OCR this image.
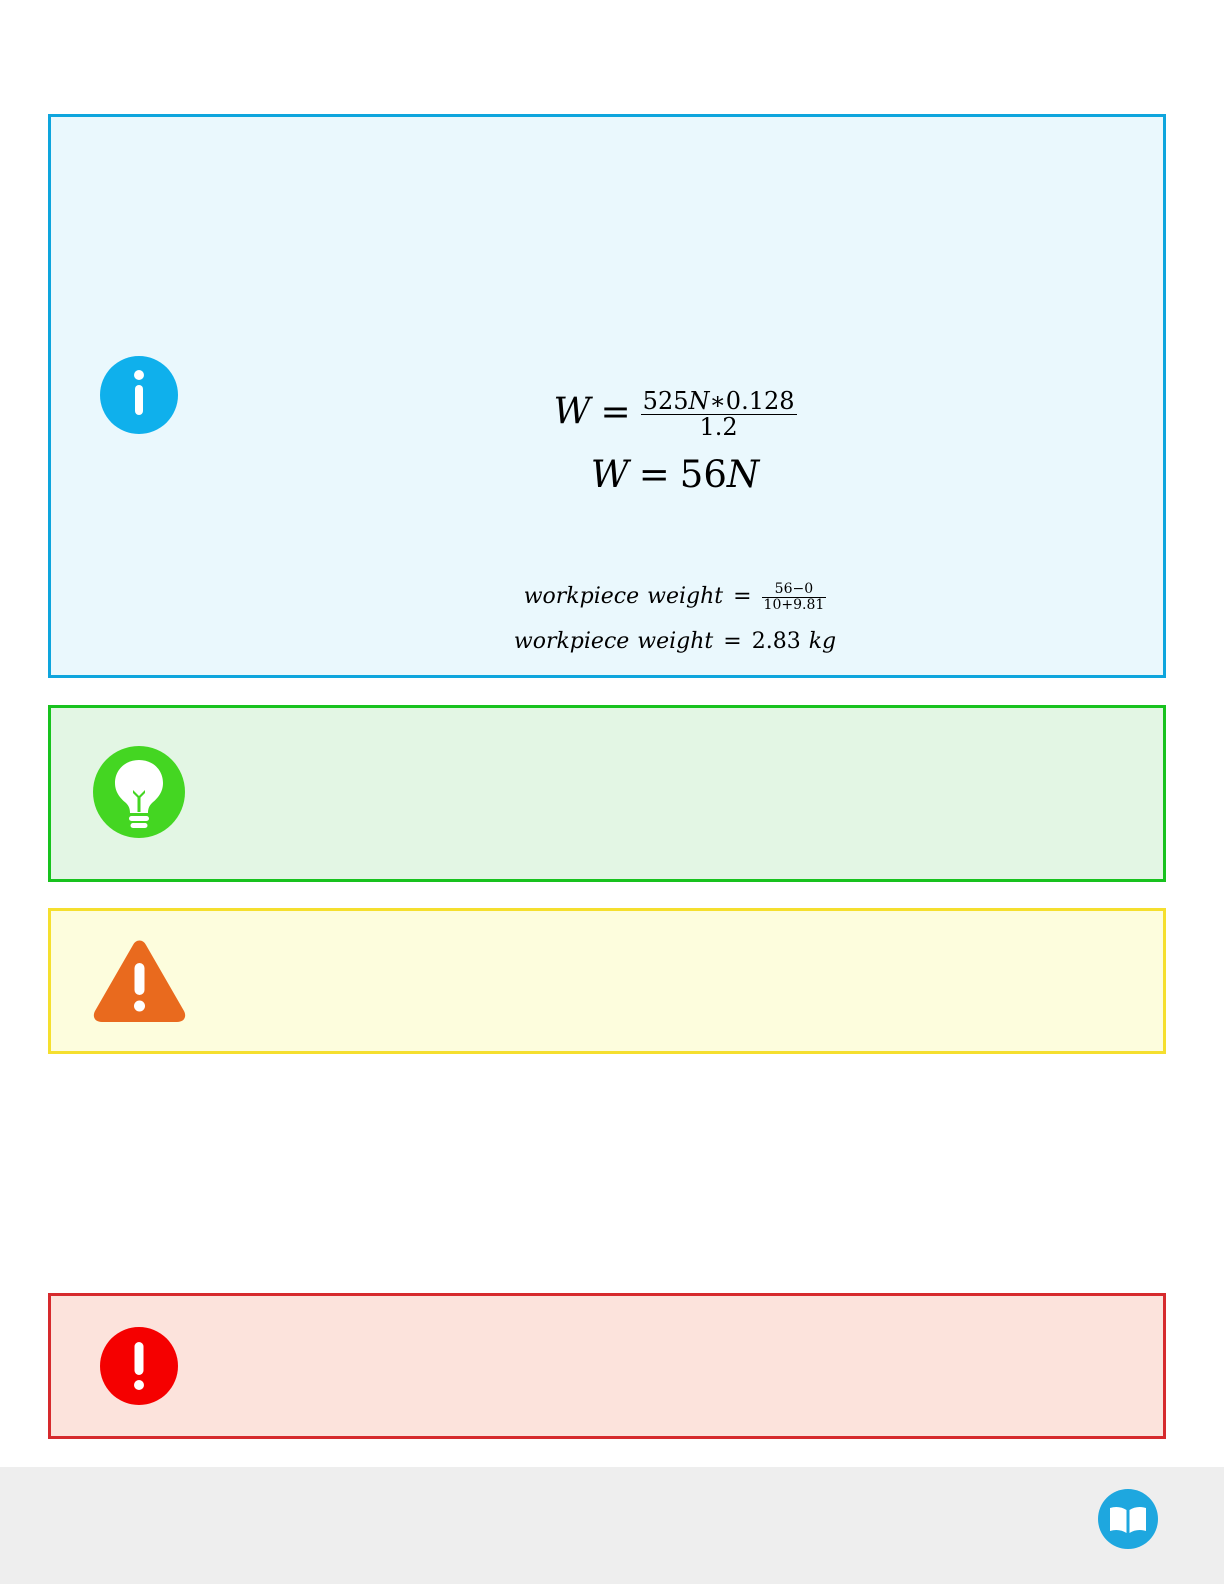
$W = \frac{525N∗0.128}{1.2}$
W = 56N
workpiece weight = $\frac{56-0}{10+9.81}$
workpiece weight = 2.83 kg
